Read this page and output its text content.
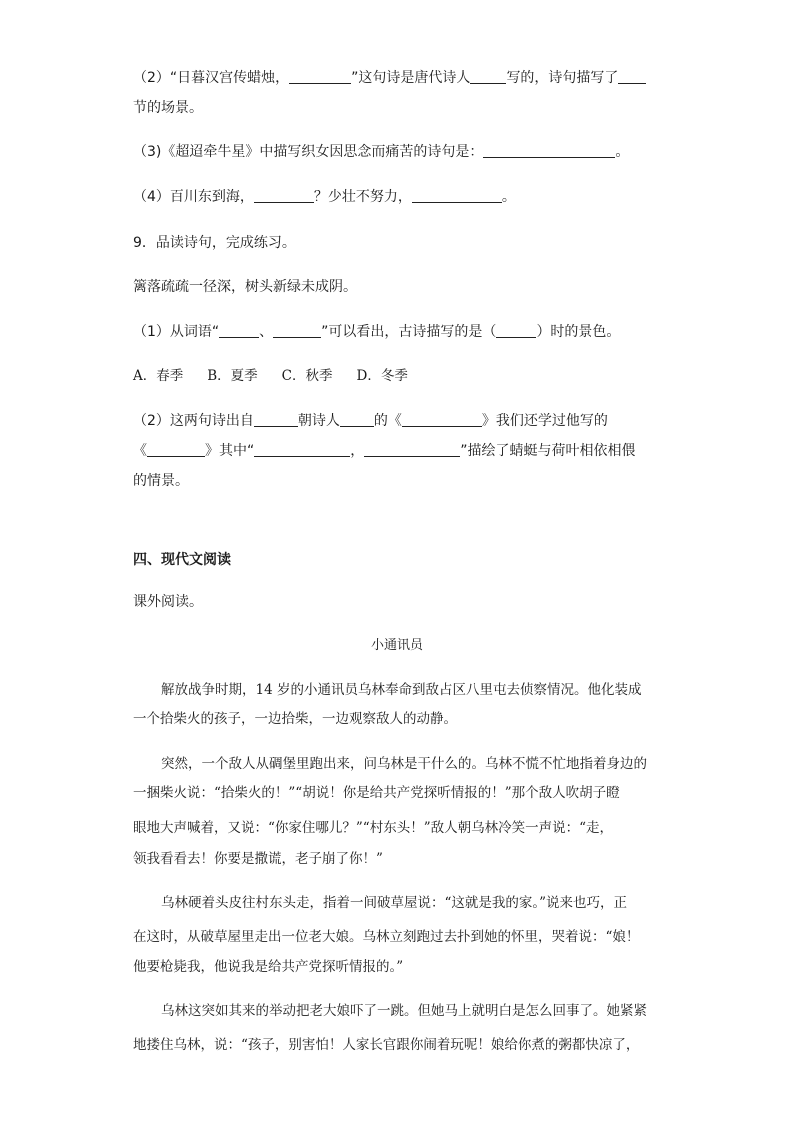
（2）“日暮汉宫传蜡烛，	”这句诗是唐代诗人	写的，诗句描写了
节的场景。
（3)《超迢牵牛星》中描写织女因思念而痛苦的诗句是：	。
（4）百川东到海，	？少壮不努力，	。
9．品读诗句，完成练习。
篱落疏疏一径深，树头新绿未成阴。
（1）从词语“	、	”可以看出，古诗描写的是（	）时的景色。
A．春季 B．夏季 C．秋季 D．冬季
（2）这两句诗出自	朝诗人 的《	》我们还学过他写的
《	》其中“	，	”描绘了蜻蜓与荷叶相依相偎
的情景。
四、现代文阅读
课外阅读。
小通讯员
解放战争时期，14 岁的小通讯员乌林奉命到敌占区八里屯去侦察情况。他化装成
一个拾柴火的孩子，一边拾柴，一边观察敌人的动静。
突然，一个敌人从碉堡里跑出来，问乌林是干什么的。乌林不慌不忙地指着身边的
一捆柴火说：“拾柴火的！”“胡说！你是给共产党探听情报的！”那个敌人吹胡子瞪
眼地大声喊着，又说：“你家住哪儿？”“村东头！”敌人朝乌林冷笑一声说：“走，
领我看看去！你要是撒谎，老子崩了你！”
乌林硬着头皮往村东头走，指着一间破草屋说：“这就是我的家。”说来也巧，正
在这时，从破草屋里走出一位老大娘。乌林立刻跑过去扑到她的怀里，哭着说：“娘！
他要枪毙我，他说我是给共产党探听情报的。”
乌林这突如其来的举动把老大娘吓了一跳。但她马上就明白是怎么回事了。她紧紧
地搂住乌林，说：“孩子，别害怕！人家长官跟你闹着玩呢！娘给你煮的粥都快凉了，
